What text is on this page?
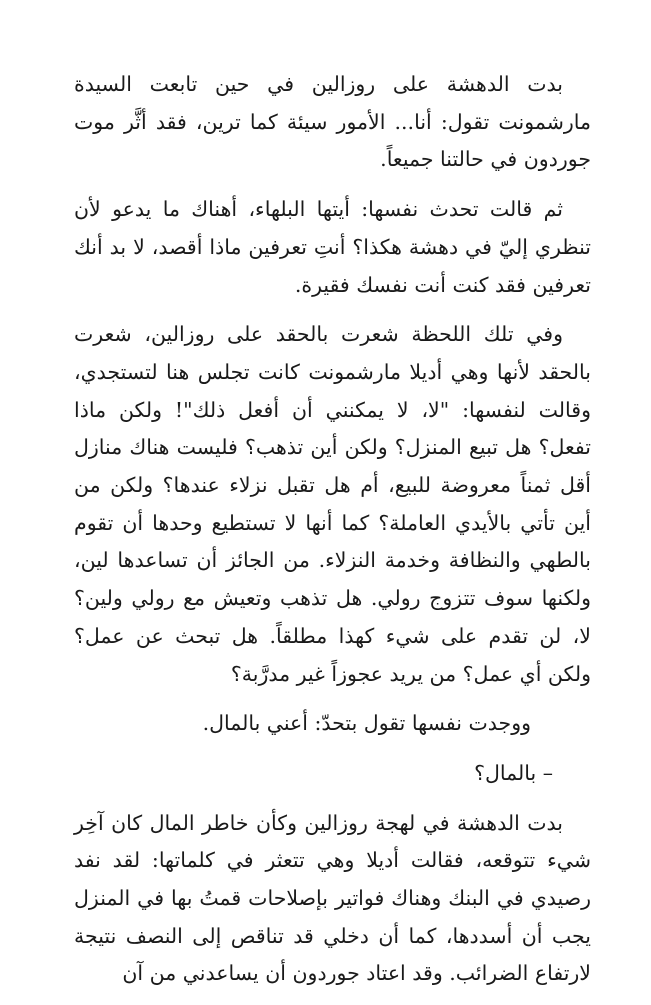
بدت الدهشة على روزالين في حين تابعت السيدة مارشمونت تقول: أنا... الأمور سيئة كما ترين، فقد أثَّر موت جوردون في حالتنا جميعاً.

ثم قالت تحدث نفسها: أيتها البلهاء، أهناك ما يدعو لأن تنظري إليّ في دهشة هكذا؟ أنتِ تعرفين ماذا أقصد، لا بد أنك تعرفين فقد كنت أنت نفسك فقيرة.

وفي تلك اللحظة شعرت بالحقد على روزالين، شعرت بالحقد لأنها وهي أديلا مارشمونت كانت تجلس هنا لتستجدي، وقالت لنفسها: "لا، لا يمكنني أن أفعل ذلك"! ولكن ماذا تفعل؟ هل تبيع المنزل؟ ولكن أين تذهب؟ فليست هناك منازل أقل ثمناً معروضة للبيع، أم هل تقبل نزلاء عندها؟ ولكن من أين تأتي بالأيدي العاملة؟ كما أنها لا تستطيع وحدها أن تقوم بالطهي والنظافة وخدمة النزلاء. من الجائز أن تساعدها لين، ولكنها سوف تتزوج رولي. هل تذهب وتعيش مع رولي ولين؟ لا، لن تقدم على شيء كهذا مطلقاً. هل تبحث عن عمل؟ ولكن أي عمل؟ من يريد عجوزاً غير مدرَّبة؟

ووجدت نفسها تقول بتحدّ: أعني بالمال.

– بالمال؟

بدت الدهشة في لهجة روزالين وكأن خاطر المال كان آخِر شيء تتوقعه، فقالت أديلا وهي تتعثر في كلماتها: لقد نفد رصيدي في البنك وهناك فواتير بإصلاحات قمتُ بها في المنزل يجب أن أسددها، كما أن دخلي قد تناقص إلى النصف نتيجة لارتفاع الضرائب. وقد اعتاد جوردون أن يساعدني من آن
